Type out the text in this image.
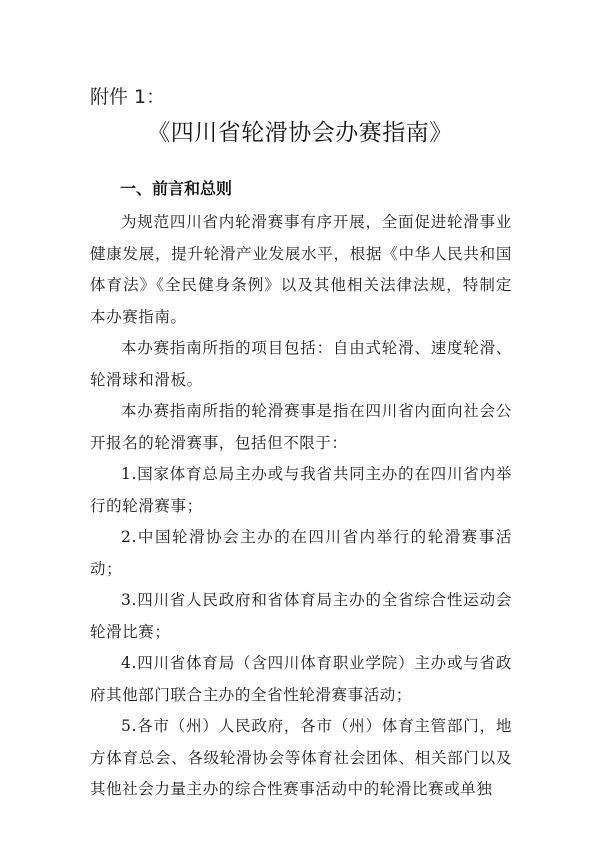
附件 1：
《四川省轮滑协会办赛指南》
一、前言和总则

为规范四川省内轮滑赛事有序开展，全面促进轮滑事业健康发展，提升轮滑产业发展水平，根据《中华人民共和国体育法》《全民健身条例》以及其他相关法律法规，特制定本办赛指南。

本办赛指南所指的项目包括：自由式轮滑、速度轮滑、轮滑球和滑板。

本办赛指南所指的轮滑赛事是指在四川省内面向社会公开报名的轮滑赛事，包括但不限于：

1.国家体育总局主办或与我省共同主办的在四川省内举行的轮滑赛事；

2.中国轮滑协会主办的在四川省内举行的轮滑赛事活动；

3.四川省人民政府和省体育局主办的全省综合性运动会轮滑比赛；

4.四川省体育局（含四川体育职业学院）主办或与省政府其他部门联合主办的全省性轮滑赛事活动；

5.各市（州）人民政府，各市（州）体育主管部门，地方体育总会、各级轮滑协会等体育社会团体、相关部门以及其他社会力量主办的综合性赛事活动中的轮滑比赛或单独
